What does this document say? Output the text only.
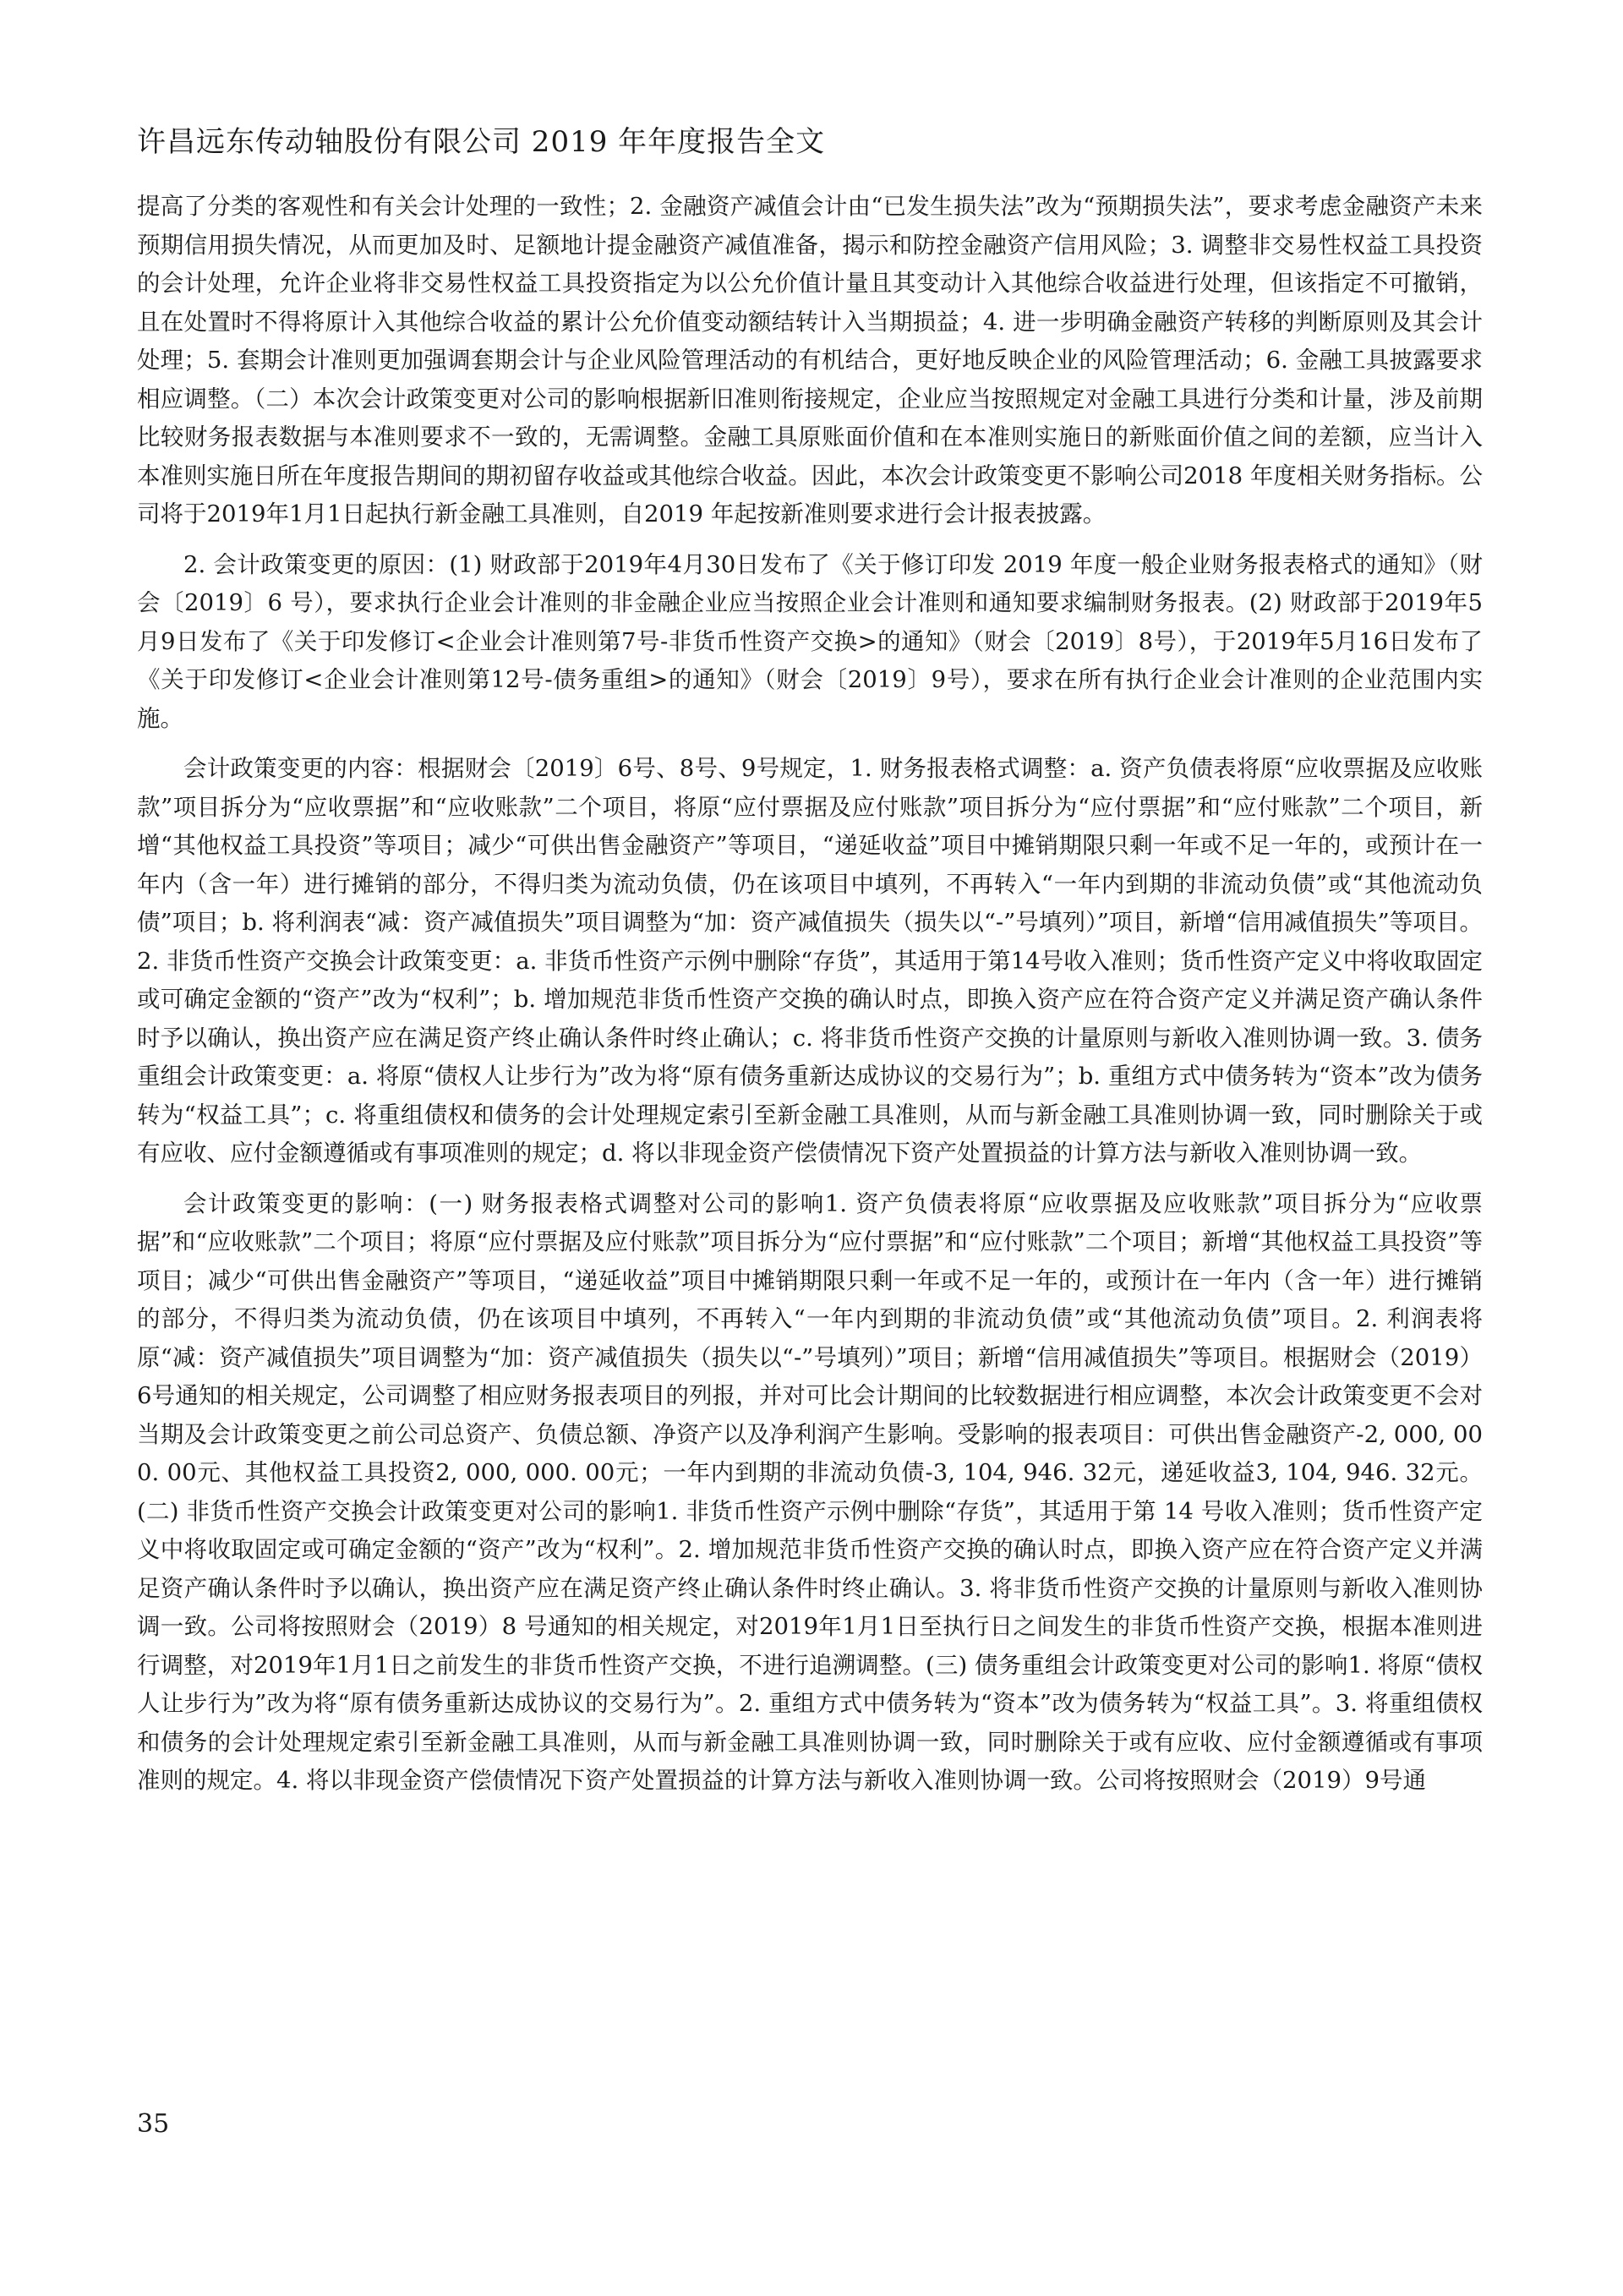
许昌远东传动轴股份有限公司 2019 年年度报告全文

提高了分类的客观性和有关会计处理的一致性；2. 金融资产减值会计由“已发生损失法”改为“预期损失法”，要求考虑金融资产未来预期信用损失情况，从而更加及时、足额地计提金融资产减值准备，揭示和防控金融资产信用风险；3. 调整非交易性权益工具投资的会计处理，允许企业将非交易性权益工具投资指定为以公允价值计量且其变动计入其他综合收益进行处理，但该指定不可撤销，且在处置时不得将原计入其他综合收益的累计公允价值变动额结转计入当期损益；4. 进一步明确金融资产转移的判断原则及其会计处理；5. 套期会计准则更加强调套期会计与企业风险管理活动的有机结合，更好地反映企业的风险管理活动；6. 金融工具披露要求相应调整。（二）本次会计政策变更对公司的影响根据新旧准则衔接规定，企业应当按照规定对金融工具进行分类和计量，涉及前期比较财务报表数据与本准则要求不一致的，无需调整。金融工具原账面价值和在本准则实施日的新账面价值之间的差额，应当计入本准则实施日所在年度报告期间的期初留存收益或其他综合收益。因此，本次会计政策变更不影响公司2018 年度相关财务指标。公司将于2019年1月1日起执行新金融工具准则，自2019 年起按新准则要求进行会计报表披露。

2. 会计政策变更的原因：(1) 财政部于2019年4月30日发布了《关于修订印发 2019 年度一般企业财务报表格式的通知》（财会〔2019〕6 号），要求执行企业会计准则的非金融企业应当按照企业会计准则和通知要求编制财务报表。(2) 财政部于2019年5月9日发布了《关于印发修订<企业会计准则第7号-非货币性资产交换>的通知》（财会〔2019〕8号），于2019年5月16日发布了《关于印发修订<企业会计准则第12号-债务重组>的通知》（财会〔2019〕9号），要求在所有执行企业会计准则的企业范围内实施。

会计政策变更的内容：根据财会〔2019〕6号、8号、9号规定，1. 财务报表格式调整：a. 资产负债表将原“应收票据及应收账款”项目拆分为“应收票据”和“应收账款”二个项目，将原“应付票据及应付账款”项目拆分为“应付票据”和“应付账款”二个项目，新增“其他权益工具投资”等项目；减少“可供出售金融资产”等项目，“递延收益”项目中摊销期限只剩一年或不足一年的，或预计在一年内（含一年）进行摊销的部分，不得归类为流动负债，仍在该项目中填列，不再转入“一年内到期的非流动负债”或“其他流动负债”项目；b. 将利润表“减：资产减值损失”项目调整为“加：资产减值损失（损失以“-”号填列）”项目，新增“信用减值损失”等项目。2. 非货币性资产交换会计政策变更：a. 非货币性资产示例中删除“存货”，其适用于第14号收入准则；货币性资产定义中将收取固定或可确定金额的“资产”改为“权利”；b. 增加规范非货币性资产交换的确认时点，即换入资产应在符合资产定义并满足资产确认条件时予以确认，换出资产应在满足资产终止确认条件时终止确认；c. 将非货币性资产交换的计量原则与新收入准则协调一致。3. 债务重组会计政策变更：a. 将原“债权人让步行为”改为将“原有债务重新达成协议的交易行为”；b. 重组方式中债务转为“资本”改为债务转为“权益工具”；c. 将重组债权和债务的会计处理规定索引至新金融工具准则，从而与新金融工具准则协调一致，同时删除关于或有应收、应付金额遵循或有事项准则的规定；d. 将以非现金资产偿债情况下资产处置损益的计算方法与新收入准则协调一致。

会计政策变更的影响：(一) 财务报表格式调整对公司的影响1. 资产负债表将原“应收票据及应收账款”项目拆分为“应收票据”和“应收账款”二个项目；将原“应付票据及应付账款”项目拆分为“应付票据”和“应付账款”二个项目；新增“其他权益工具投资”等项目；减少“可供出售金融资产”等项目，“递延收益”项目中摊销期限只剩一年或不足一年的，或预计在一年内（含一年）进行摊销的部分，不得归类为流动负债，仍在该项目中填列，不再转入“一年内到期的非流动负债”或“其他流动负债”项目。2. 利润表将原“减：资产减值损失”项目调整为“加：资产减值损失（损失以“-”号填列）”项目；新增“信用减值损失”等项目。根据财会（2019）6号通知的相关规定，公司调整了相应财务报表项目的列报，并对可比会计期间的比较数据进行相应调整，本次会计政策变更不会对当期及会计政策变更之前公司总资产、负债总额、净资产以及净利润产生影响。受影响的报表项目：可供出售金融资产-2, 000, 000. 00元、其他权益工具投资2, 000, 000. 00元；一年内到期的非流动负债-3, 104, 946. 32元，递延收益3, 104, 946. 32元。(二) 非货币性资产交换会计政策变更对公司的影响1. 非货币性资产示例中删除“存货”，其适用于第 14 号收入准则；货币性资产定义中将收取固定或可确定金额的“资产”改为“权利”。2. 增加规范非货币性资产交换的确认时点，即换入资产应在符合资产定义并满足资产确认条件时予以确认，换出资产应在满足资产终止确认条件时终止确认。3. 将非货币性资产交换的计量原则与新收入准则协调一致。公司将按照财会（2019）8 号通知的相关规定，对2019年1月1日至执行日之间发生的非货币性资产交换，根据本准则进行调整，对2019年1月1日之前发生的非货币性资产交换，不进行追溯调整。(三) 债务重组会计政策变更对公司的影响1. 将原“债权人让步行为”改为将“原有债务重新达成协议的交易行为”。2. 重组方式中债务转为“资本”改为债务转为“权益工具”。3. 将重组债权和债务的会计处理规定索引至新金融工具准则，从而与新金融工具准则协调一致，同时删除关于或有应收、应付金额遵循或有事项准则的规定。4. 将以非现金资产偿债情况下资产处置损益的计算方法与新收入准则协调一致。公司将按照财会（2019）9号通

35
